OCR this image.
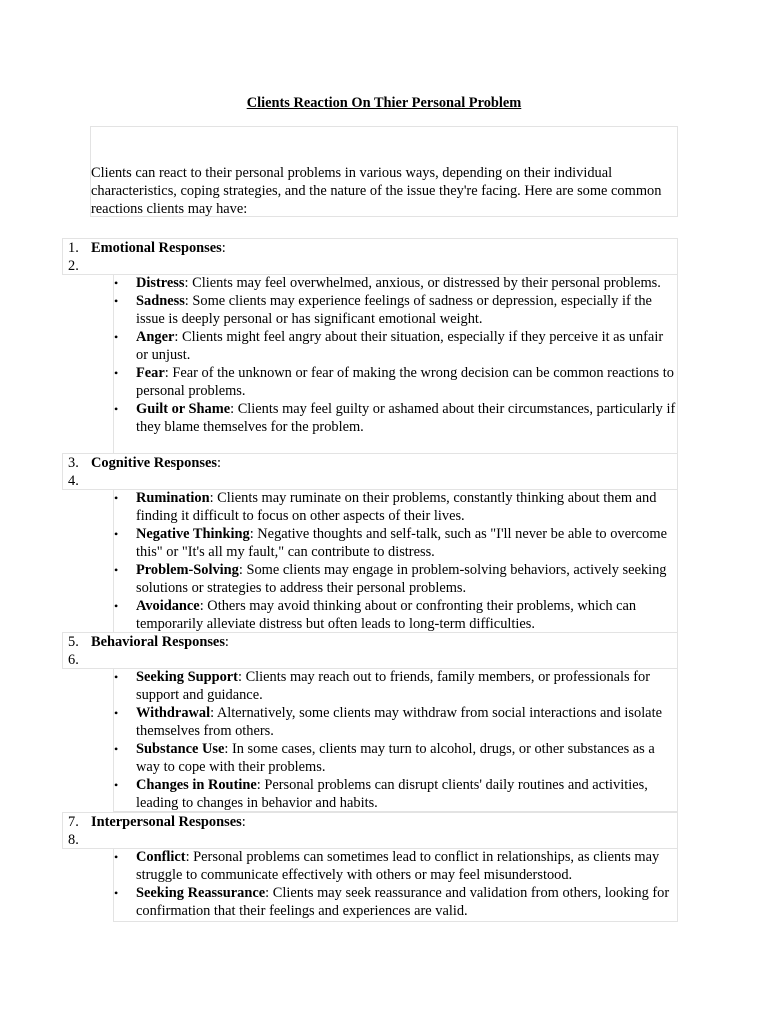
Clients Reaction On Thier Personal Problem
Clients can react to their personal problems in various ways, depending on their individual characteristics, coping strategies, and the nature of the issue they're facing. Here are some common reactions clients may have:
1.
2.
Emotional Responses:
•	Distress: Clients may feel overwhelmed, anxious, or distressed by their personal problems.
•	Sadness: Some clients may experience feelings of sadness or depression, especially if the issue is deeply personal or has significant emotional weight.
•	Anger: Clients might feel angry about their situation, especially if they perceive it as unfair or unjust.
•	Fear: Fear of the unknown or fear of making the wrong decision can be common reactions to personal problems.
•	Guilt or Shame: Clients may feel guilty or ashamed about their circumstances, particularly if they blame themselves for the problem.
3.
4.
Cognitive Responses:
•	Rumination: Clients may ruminate on their problems, constantly thinking about them and finding it difficult to focus on other aspects of their lives.
•	Negative Thinking: Negative thoughts and self-talk, such as "I'll never be able to overcome this" or "It's all my fault," can contribute to distress.
•	Problem-Solving: Some clients may engage in problem-solving behaviors, actively seeking solutions or strategies to address their personal problems.
•	Avoidance: Others may avoid thinking about or confronting their problems, which can temporarily alleviate distress but often leads to long-term difficulties.
5.
6.
Behavioral Responses:
•	Seeking Support: Clients may reach out to friends, family members, or professionals for support and guidance.
•	Withdrawal: Alternatively, some clients may withdraw from social interactions and isolate themselves from others.
•	Substance Use: In some cases, clients may turn to alcohol, drugs, or other substances as a way to cope with their problems.
•	Changes in Routine: Personal problems can disrupt clients' daily routines and activities, leading to changes in behavior and habits.
7.
8.
Interpersonal Responses:
•	Conflict: Personal problems can sometimes lead to conflict in relationships, as clients may struggle to communicate effectively with others or may feel misunderstood.
•	Seeking Reassurance: Clients may seek reassurance and validation from others, looking for confirmation that their feelings and experiences are valid.
